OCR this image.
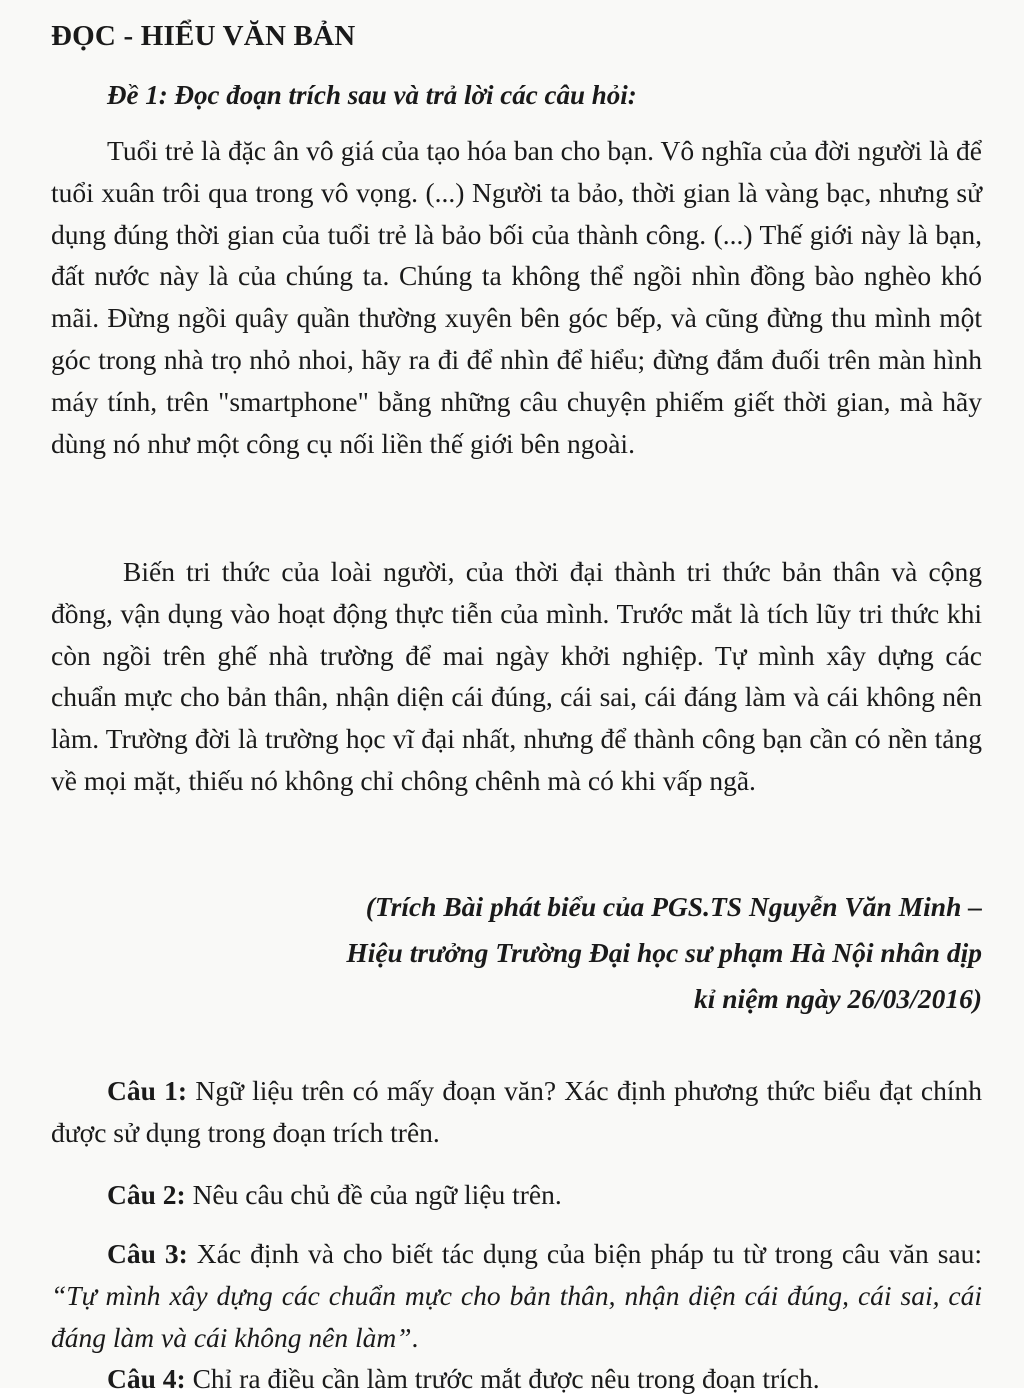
ĐỌC - HIỂU VĂN BẢN
Đề 1: Đọc đoạn trích sau và trả lời các câu hỏi:

Tuổi trẻ là đặc ân vô giá của tạo hóa ban cho bạn. Vô nghĩa của đời người là để tuổi xuân trôi qua trong vô vọng. (...) Người ta bảo, thời gian là vàng bạc, nhưng sử dụng đúng thời gian của tuổi trẻ là bảo bối của thành công. (...) Thế giới này là bạn, đất nước này là của chúng ta. Chúng ta không thể ngồi nhìn đồng bào nghèo khó mãi. Đừng ngồi quây quần thường xuyên bên góc bếp, và cũng đừng thu mình một góc trong nhà trọ nhỏ nhoi, hãy ra đi để nhìn để hiểu; đừng đắm đuối trên màn hình máy tính, trên "smartphone" bằng những câu chuyện phiếm giết thời gian, mà hãy dùng nó như một công cụ nối liền thế giới bên ngoài.

Biến tri thức của loài người, của thời đại thành tri thức bản thân và cộng đồng, vận dụng vào hoạt động thực tiễn của mình. Trước mắt là tích lũy tri thức khi còn ngồi trên ghế nhà trường để mai ngày khởi nghiệp. Tự mình xây dựng các chuẩn mực cho bản thân, nhận diện cái đúng, cái sai, cái đáng làm và cái không nên làm. Trường đời là trường học vĩ đại nhất, nhưng để thành công bạn cần có nền tảng về mọi mặt, thiếu nó không chỉ chông chênh mà có khi vấp ngã.

(Trích Bài phát biểu của PGS.TS Nguyễn Văn Minh –
Hiệu trưởng Trường Đại học sư phạm Hà Nội nhân dịp
kỉ niệm ngày 26/03/2016)

Câu 1: Ngữ liệu trên có mấy đoạn văn? Xác định phương thức biểu đạt chính được sử dụng trong đoạn trích trên.

Câu 2: Nêu câu chủ đề của ngữ liệu trên.

Câu 3: Xác định và cho biết tác dụng của biện pháp tu từ trong câu văn sau: “Tự mình xây dựng các chuẩn mực cho bản thân, nhận diện cái đúng, cái sai, cái đáng làm và cái không nên làm”.

Câu 4: Chỉ ra điều cần làm trước mắt được nêu trong đoạn trích.
